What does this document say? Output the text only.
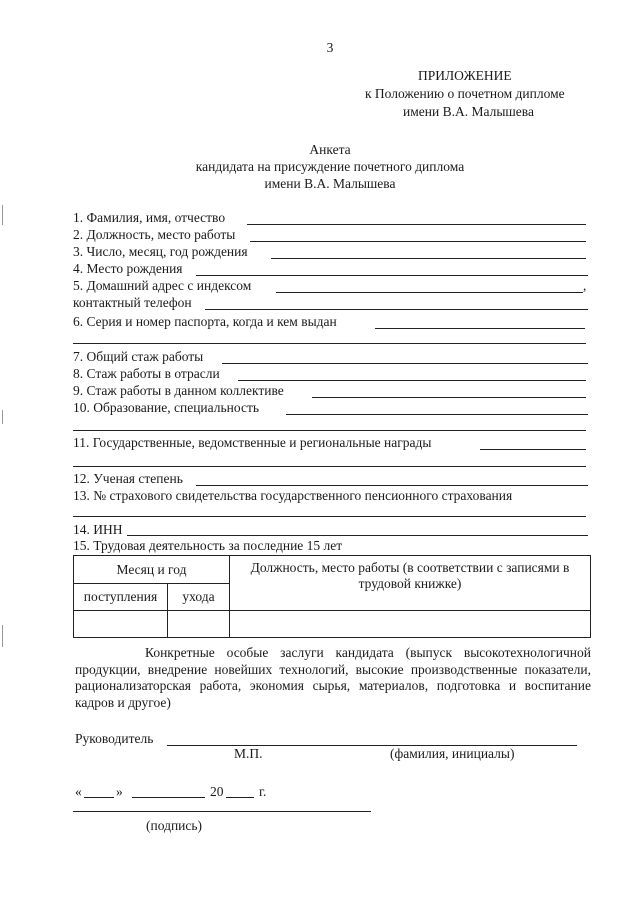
3
ПРИЛОЖЕНИЕ
к Положению о почетном дипломе
имени В.А. Малышева
Анкета
кандидата на присуждение почетного диплома
имени В.А. Малышева
1. Фамилия, имя, отчество
2. Должность, место работы
3. Число, месяц, год рождения
4. Место рождения
5. Домашний адрес с индексом	,
контактный телефон
6. Серия и номер паспорта, когда и кем выдан
7. Общий стаж работы
8. Стаж работы в отрасли
9. Стаж работы в данном коллективе
10. Образование, специальность
11. Государственные, ведомственные и региональные награды
12. Ученая степень
13. № страхового свидетельства государственного пенсионного страхования
14. ИНН
15. Трудовая деятельность за последние 15 лет
Месяц и год		Должность, место работы (в соответствии с записями в
трудовой книжке)

поступления	ухода	

Конкретные особые заслуги кандидата (выпуск высокотехнологичной продукции, внедрение новейших технологий, высокие производственные показатели, рационализаторская работа, экономия сырья, материалов, подготовка и воспитание кадров и другое)
Руководитель
М.П.	(фамилия, инициалы)
«	»	20	г.
(подпись)
